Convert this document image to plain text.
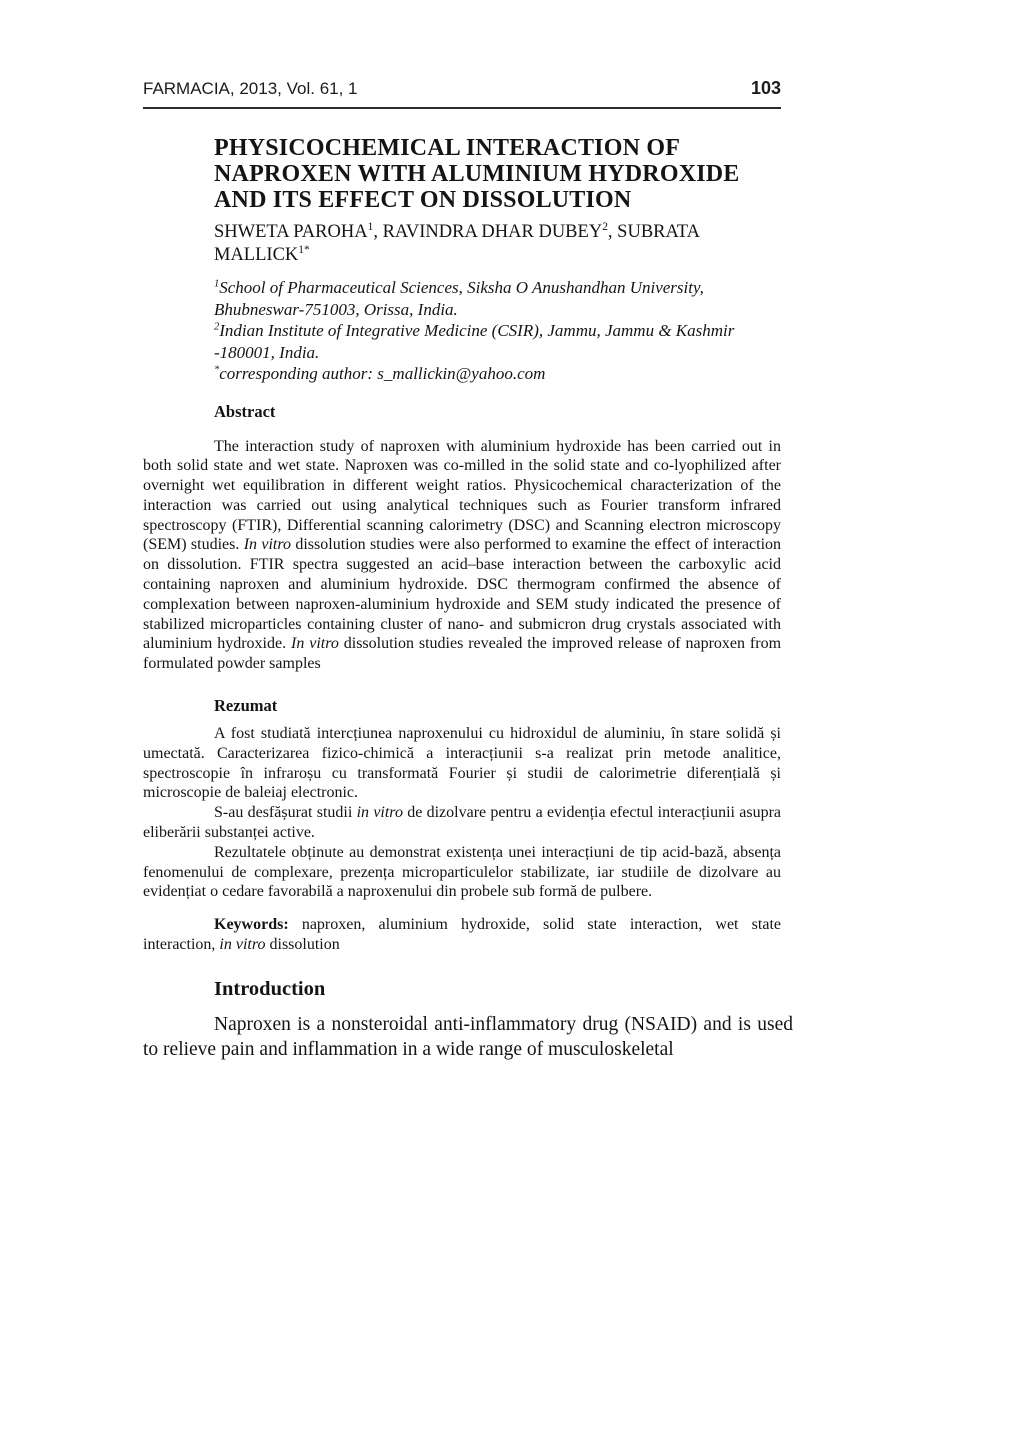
FARMACIA, 2013, Vol. 61, 1	103
PHYSICOCHEMICAL INTERACTION OF
NAPROXEN WITH ALUMINIUM HYDROXIDE
AND ITS EFFECT ON DISSOLUTION

SHWETA PAROHA$^1$, RAVINDRA DHAR DUBEY$^2$, SUBRATA $MALLICK^{1*}$

$^1$School of Pharmaceutical Sciences, Siksha O Anushandhan University, Bhubneswar-751003, Orissa, India.

$^2$Indian Institute of Integrative Medicine (CSIR), Jammu, Jammu & Kashmir -180001, India.

*corresponding author: s_mallickin@yahoo.com

Abstract

The interaction study of naproxen with aluminium hydroxide has been carried out in both solid state and wet state. Naproxen was co-milled in the solid state and co-lyophilized after overnight wet equilibration in different weight ratios. Physicochemical characterization of the interaction was carried out using analytical techniques such as Fourier transform infrared spectroscopy (FTIR), Differential scanning calorimetry (DSC) and Scanning electron microscopy (SEM) studies. In vitro dissolution studies were also performed to examine the effect of interaction on dissolution. FTIR spectra suggested an acid–base interaction between the carboxylic acid containing naproxen and aluminium hydroxide. DSC thermogram confirmed the absence of complexation between naproxen-aluminium hydroxide and SEM study indicated the presence of stabilized microparticles containing cluster of nano- and submicron drug crystals associated with aluminium hydroxide. In vitro dissolution studies revealed the improved release of naproxen from formulated powder samples

Rezumat

A fost studiată intercțiunea naproxenului cu hidroxidul de aluminiu, în stare solidă și umectată. Caracterizarea fizico-chimică a interacțiunii s-a realizat prin metode analitice, spectroscopie în infraroșu cu transformată Fourier și studii de calorimetrie diferențială și microscopie de baleiaj electronic.

S-au desfășurat studii in vitro de dizolvare pentru a evidenția efectul interacțiunii asupra eliberării substanței active.

Rezultatele obținute au demonstrat existența unei interacțiuni de tip acid-bază, absența fenomenului de complexare, prezența microparticulelor stabilizate, iar studiile de dizolvare au evidențiat o cedare favorabilă a naproxenului din probele sub formă de pulbere.

Keywords: naproxen, aluminium hydroxide, solid state interaction, wet state interaction, in vitro dissolution

Introduction

Naproxen is a nonsteroidal anti-inflammatory drug (NSAID) and is used to relieve pain and inflammation in a wide range of musculoskeletal
